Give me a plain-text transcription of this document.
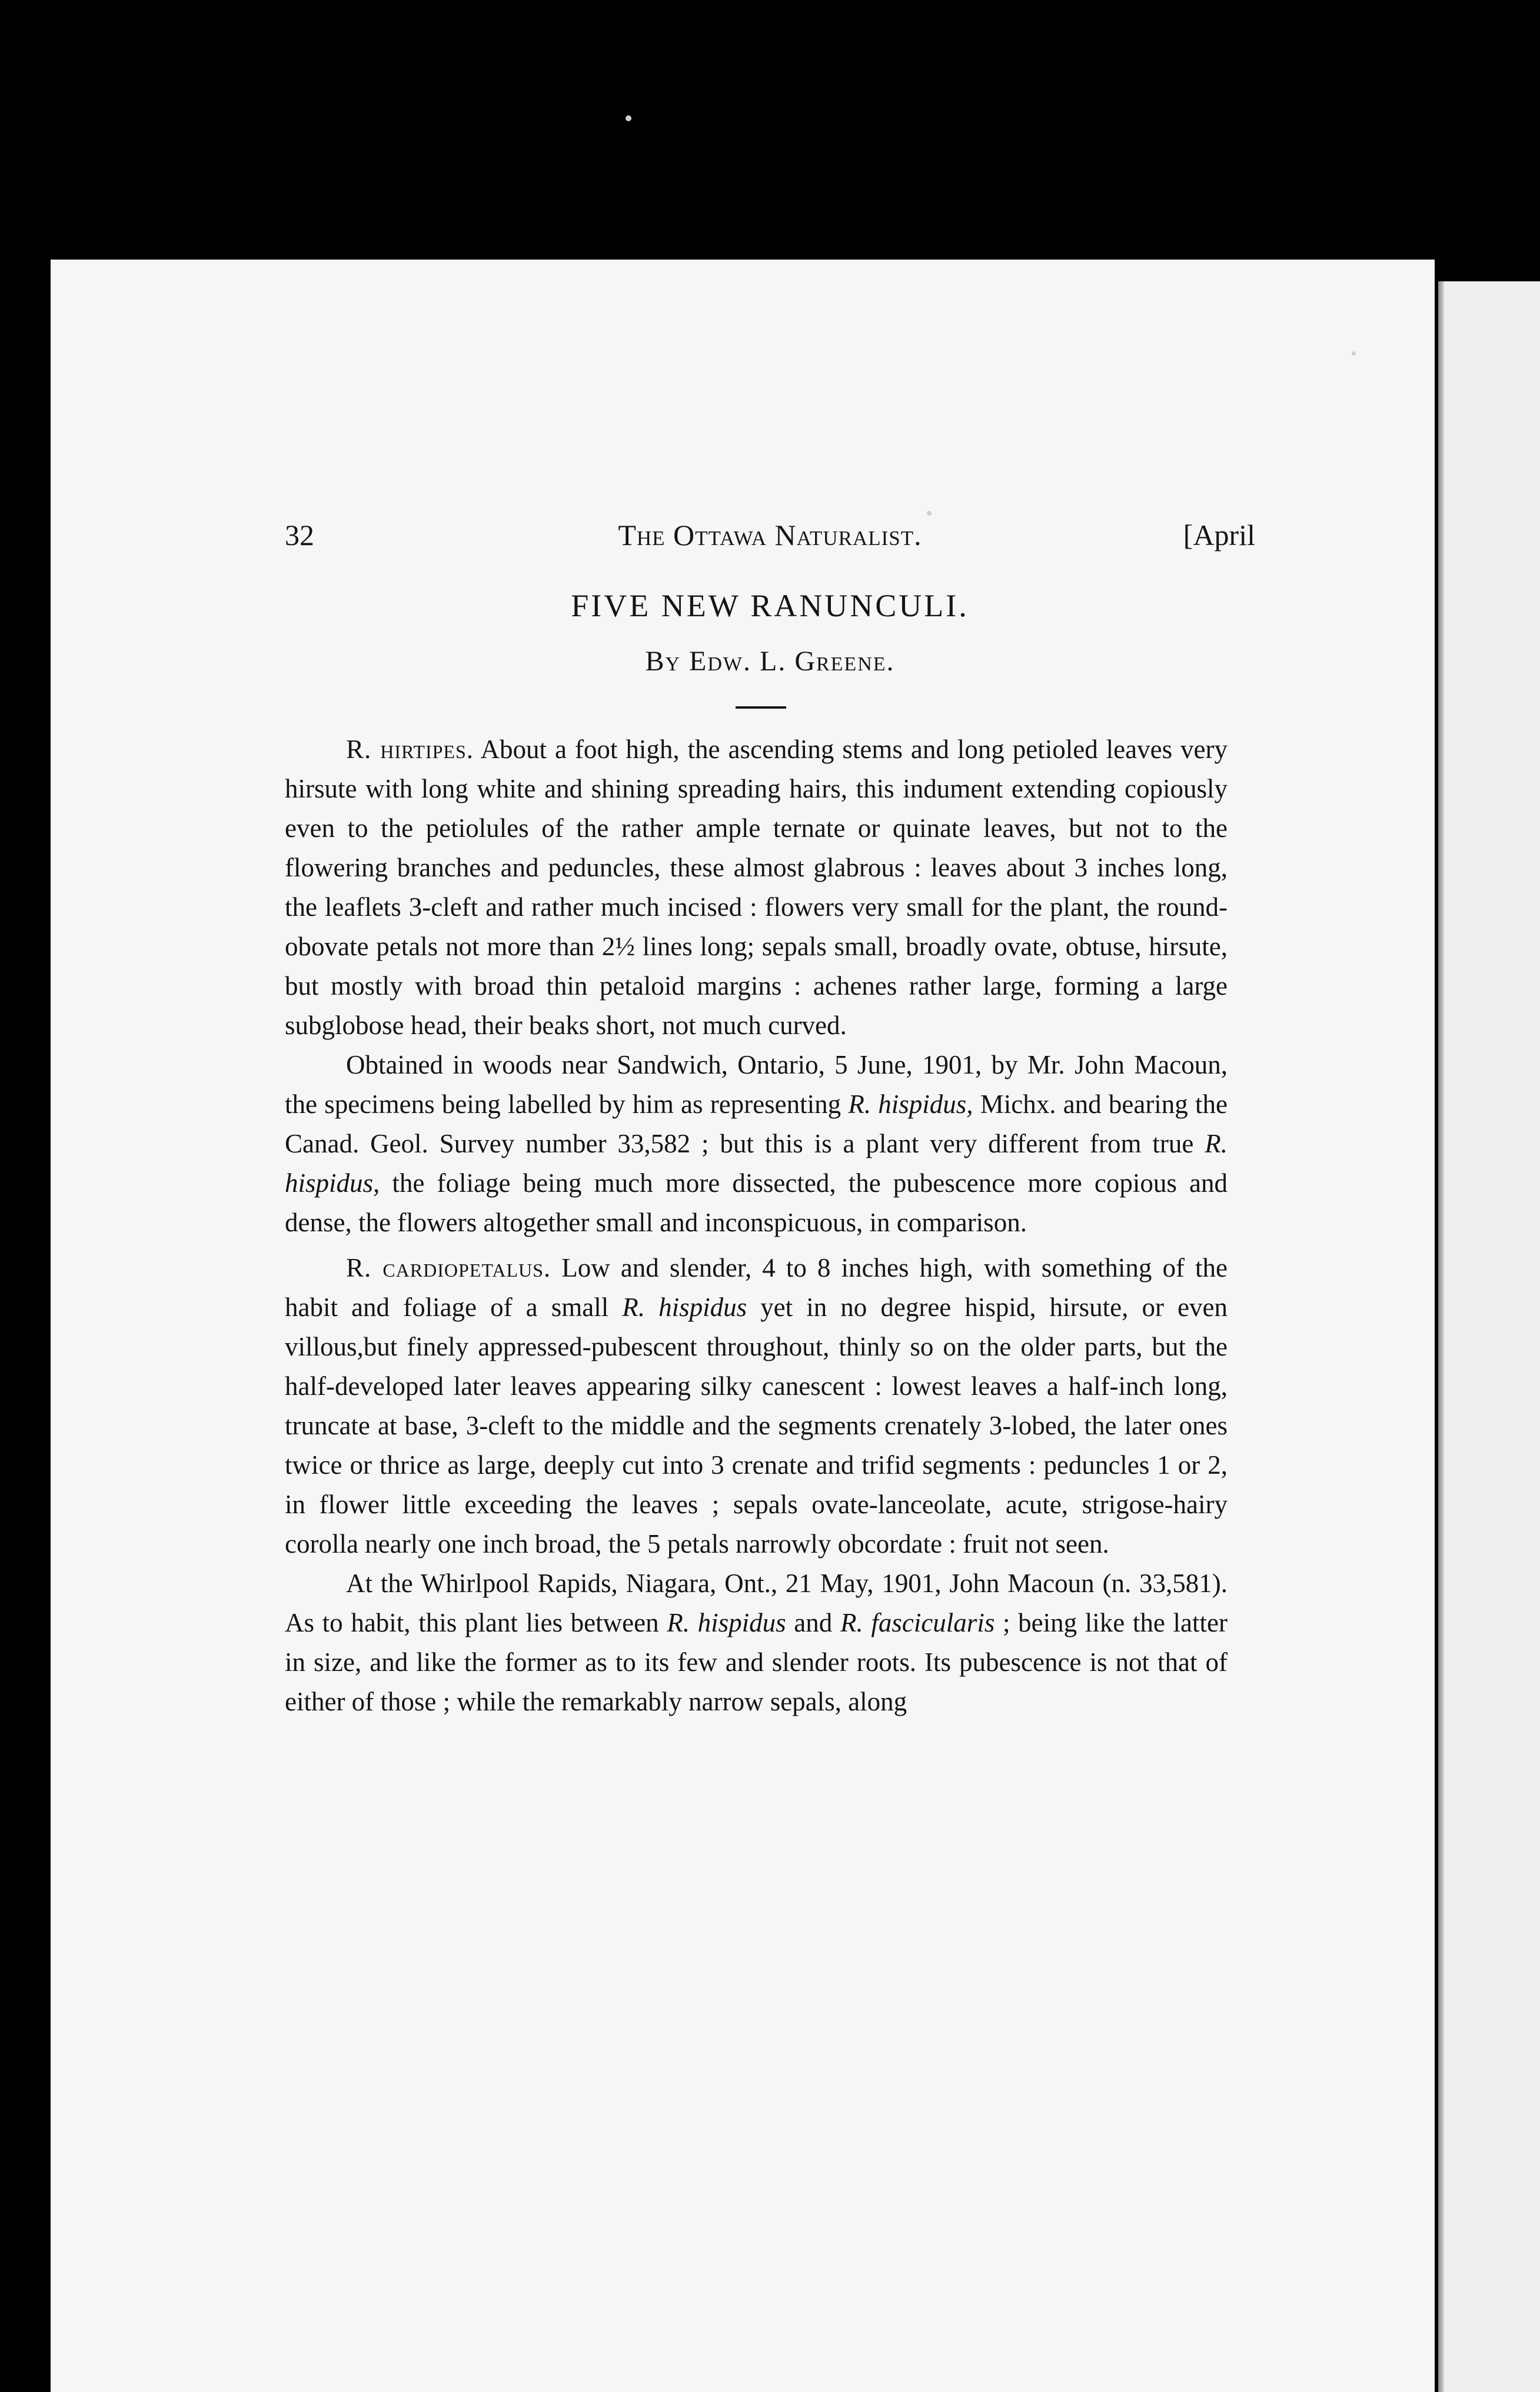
32	The Ottawa Naturalist.	[April
FIVE NEW RANUNCULI.
By Edw. L. Greene.

R. hirtipes. About a foot high, the ascending stems and long petioled leaves very hirsute with long white and shining spreading hairs, this indument extending copiously even to the petiolules of the rather ample ternate or quinate leaves, but not to the flowering branches and peduncles, these almost glabrous : leaves about 3 inches long, the leaflets 3-cleft and rather much incised : flowers very small for the plant, the round-obovate petals not more than 2½ lines long; sepals small, broadly ovate, obtuse, hirsute, but mostly with broad thin petaloid margins : achenes rather large, forming a large subglobose head, their beaks short, not much curved.

Obtained in woods near Sandwich, Ontario, 5 June, 1901, by Mr. John Macoun, the specimens being labelled by him as representing R. hispidus, Michx. and bearing the Canad. Geol. Survey number 33,582 ; but this is a plant very different from true R. hispidus, the foliage being much more dissected, the pubescence more copious and dense, the flowers altogether small and inconspicuous, in comparison.

R. cardiopetalus. Low and slender, 4 to 8 inches high, with something of the habit and foliage of a small R. hispidus yet in no degree hispid, hirsute, or even villous,but finely appressed-pubescent throughout, thinly so on the older parts, but the half-developed later leaves appearing silky canescent : lowest leaves a half-inch long, truncate at base, 3-cleft to the middle and the segments crenately 3-lobed, the later ones twice or thrice as large, deeply cut into 3 crenate and trifid segments : peduncles 1 or 2, in flower little exceeding the leaves ; sepals ovate-lanceolate, acute, strigose-hairy corolla nearly one inch broad, the 5 petals narrowly obcordate : fruit not seen.

At the Whirlpool Rapids, Niagara, Ont., 21 May, 1901, John Macoun (n. 33,581). As to habit, this plant lies between R. hispidus and R. fascicularis ; being like the latter in size, and like the former as to its few and slender roots. Its pubescence is not that of either of those ; while the remarkably narrow sepals, along
